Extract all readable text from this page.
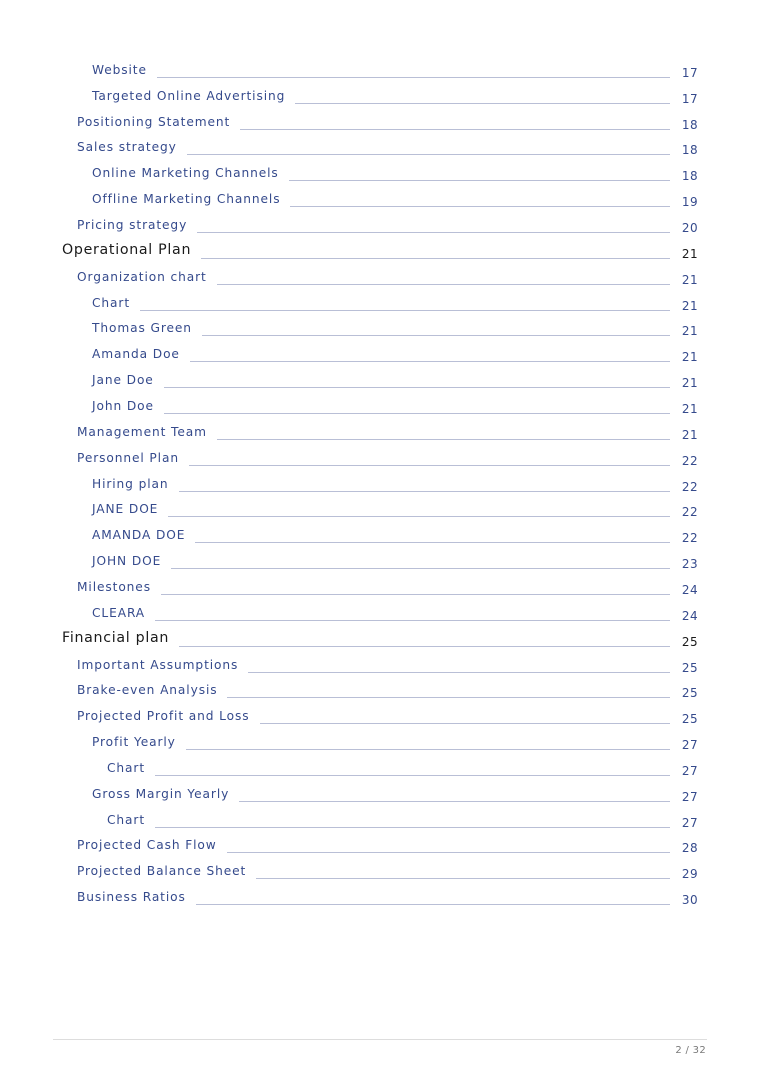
Website	17
Targeted Online Advertising	17
Positioning Statement	18
Sales strategy	18
Online Marketing Channels	18
Offline Marketing Channels	19
Pricing strategy	20
Operational Plan	21
Organization chart	21
Chart	21
Thomas Green	21
Amanda Doe	21
Jane Doe	21
John Doe	21
Management Team	21
Personnel Plan	22
Hiring plan	22
JANE DOE	22
AMANDA DOE	22
JOHN DOE	23
Milestones	24
CLEARA	24
Financial plan	25
Important Assumptions	25
Brake-even Analysis	25
Projected Profit and Loss	25
Profit Yearly	27
Chart	27
Gross Margin Yearly	27
Chart	27
Projected Cash Flow	28
Projected Balance Sheet	29
Business Ratios	30
2 / 32
